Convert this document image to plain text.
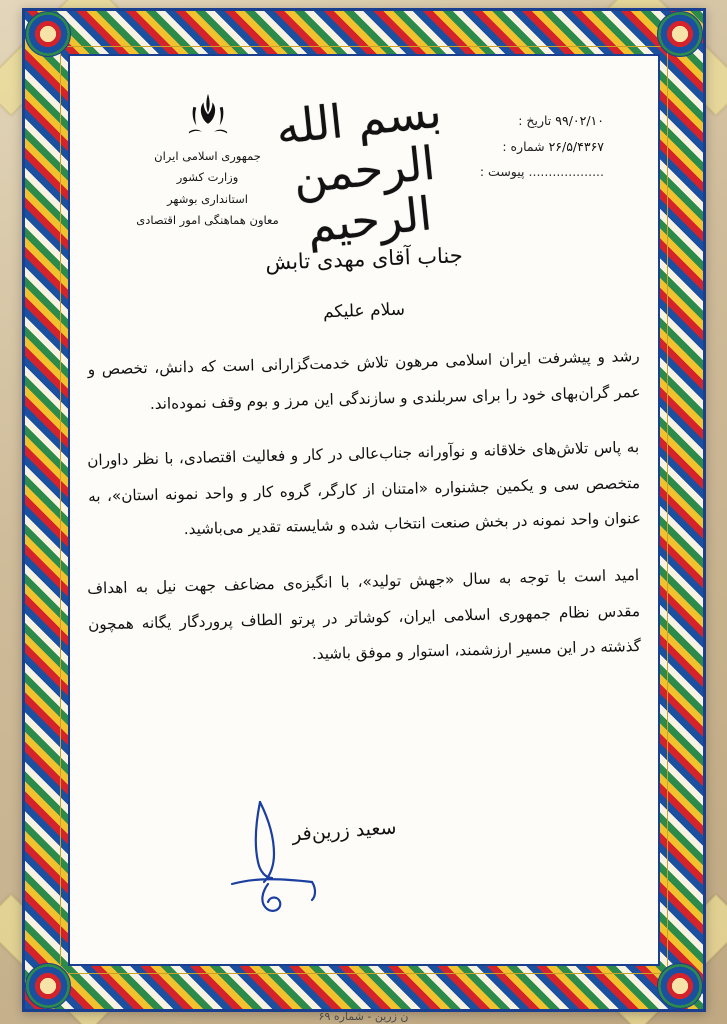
۹۹/۰۲/۱۰ تاریخ :
۲۶/۵/۴۳۶۷ شماره :
................... پیوست :
بسم الله الرحمن الرحیم
جمهوری اسلامی ایران
وزارت کشور
استانداری بوشهر
معاون هماهنگی امور اقتصادی
جناب آقای مهدی تابش
سلام علیکم

رشد و پیشرفت ایران اسلامی مرهون تلاش خدمت‌گزارانی است که دانش، تخصص و عمر گران‌بهای خود را برای سربلندی و سازندگی این مرز و بوم وقف نموده‌اند.

به پاس تلاش‌های خلاقانه و نوآورانه جناب‌عالی در کار و فعالیت اقتصادی، با نظر داوران متخصص سی و یکمین جشنواره «امتنان از کارگر، گروه کار و واحد نمونه استان»، به عنوان واحد نمونه در بخش صنعت انتخاب شده و شایسته تقدیر می‌باشید.

امید است با توجه به سال «جهش تولید»، با انگیزه‌ی مضاعف جهت نیل به اهداف مقدس نظام جمهوری اسلامی ایران، کوشاتر در پرتو الطاف پروردگار یگانه همچون گذشته در این مسیر ارزشمند، استوار و موفق باشید.

سعید زرین‌فر
ن زرین - شماره ۶۹
